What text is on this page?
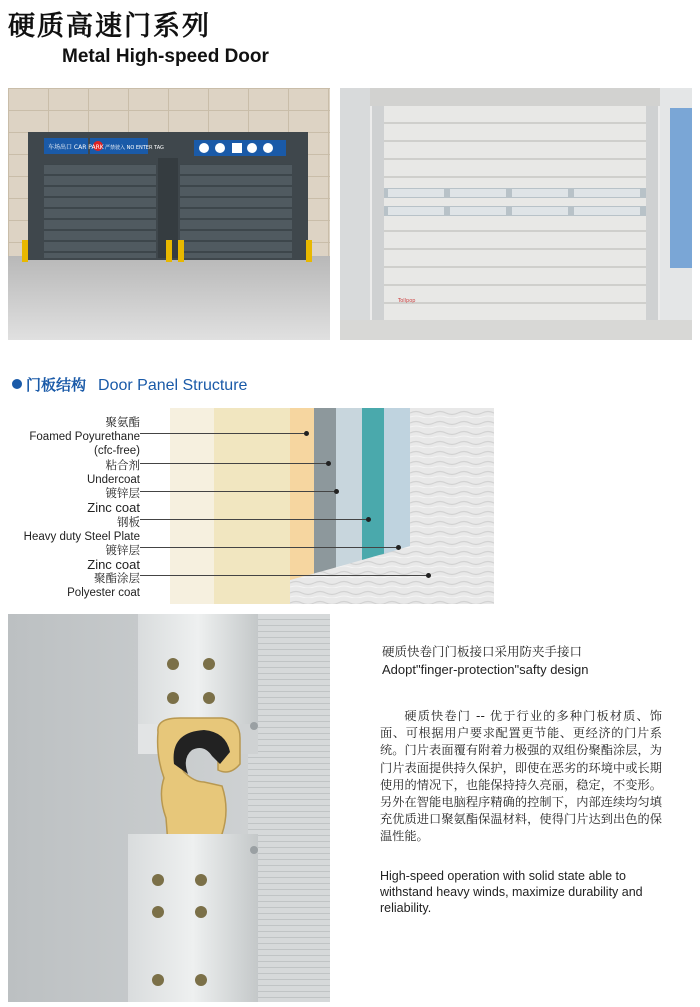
硬质高速门系列
Metal High-speed Door
车场出口 CAR PARK 严禁驶入 NO ENTER TAG
Tollpop
门板结构 Door Panel Structure
聚氨酯
Foamed Poyurethane
(cfc-free)
粘合剂
Undercoat
镀锌层
Zinc coat
钢板
Heavy duty Steel Plate
镀锌层
Zinc coat
聚酯涂层
Polyester coat
硬质快卷门门板接口采用防夹手接口
Adopt"finger-protection"safty design
硬质快卷门 -- 优于行业的多种门板材质、饰面、可根据用户要求配置更节能、更经济的门片系统。门片表面覆有附着力极强的双组份聚酯涂层，为门片表面提供持久保护，即使在恶劣的环境中或长期使用的情况下，也能保持持久亮丽，稳定，不变形。另外在智能电脑程序精确的控制下，内部连续均匀填充优质进口聚氨酯保温材料，使得门片达到出色的保温性能。
High-speed operation with solid state able to withstand heavy winds, maximize durability and reliability.
